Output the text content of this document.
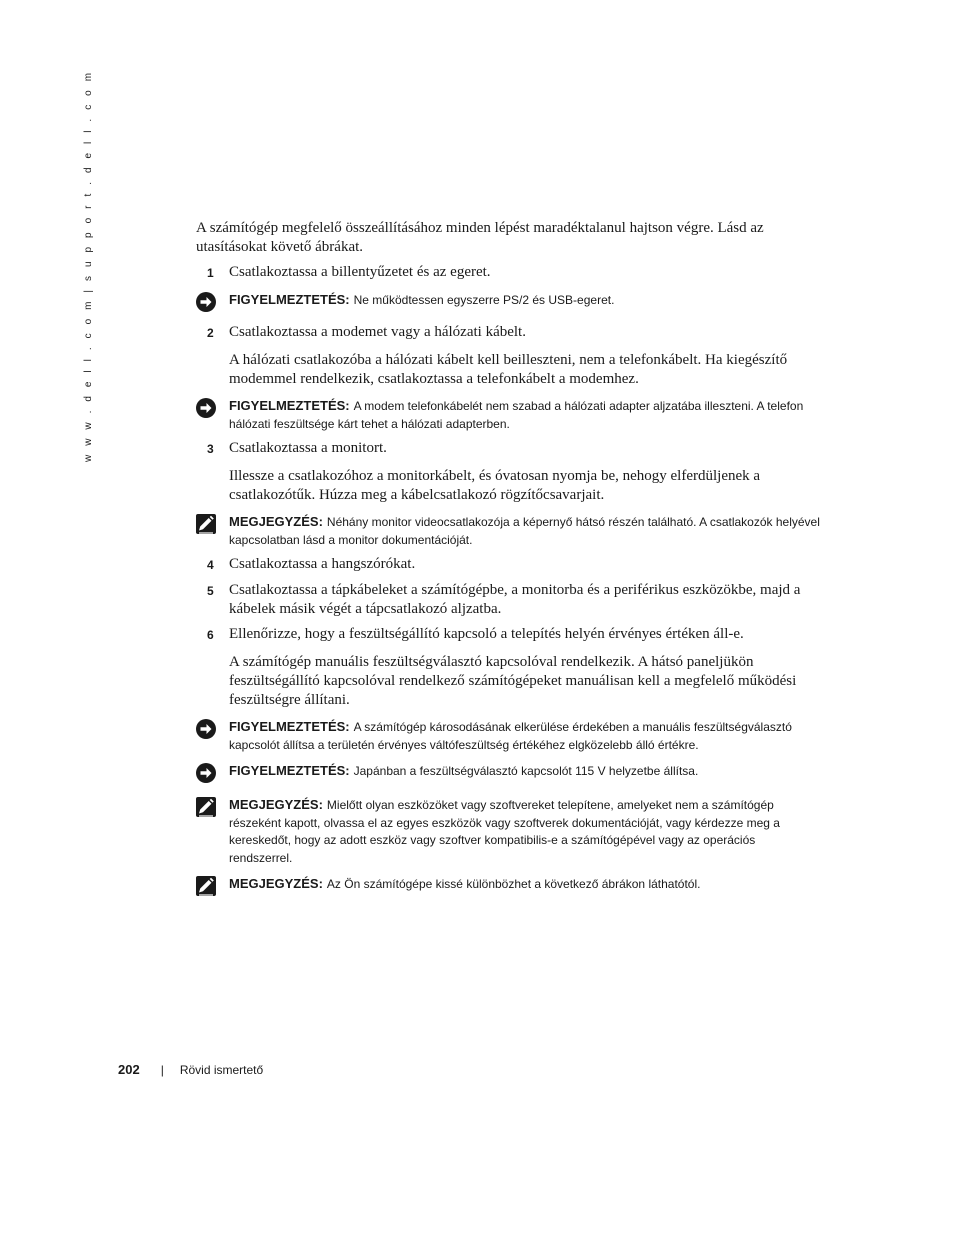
w w w . d e l l . c o m | s u p p o r t . d e l l . c o m	A számítógép megfelelő összeállításához minden lépést maradéktalanul hajtson végre. Lásd az utasításokat követő ábrákat.

1	Csatlakoztassa a billentyűzetet és az egeret.

FIGYELMEZTETÉS: Ne működtessen egyszerre PS/2 és USB-egeret.
2	Csatlakoztassa a modemet vagy a hálózati kábelt.

A hálózati csatlakozóba a hálózati kábelt kell beilleszteni, nem a telefonkábelt. Ha kiegészítő modemmel rendelkezik, csatlakoztassa a telefonkábelt a modemhez.

FIGYELMEZTETÉS: A modem telefonkábelét nem szabad a hálózati adapter aljzatába illeszteni. A telefon hálózati feszültsége kárt tehet a hálózati adapterben.
3	Csatlakoztassa a monitort.

Illessze a csatlakozóhoz a monitorkábelt, és óvatosan nyomja be, nehogy elferdüljenek a csatlakozótűk. Húzza meg a kábelcsatlakozó rögzítőcsavarjait.

MEGJEGYZÉS: Néhány monitor videocsatlakozója a képernyő hátsó részén található. A csatlakozók helyével kapcsolatban lásd a monitor dokumentációját.
4	Csatlakoztassa a hangszórókat.

5	Csatlakoztassa a tápkábeleket a számítógépbe, a monitorba és a periférikus eszközökbe, majd a kábelek másik végét a tápcsatlakozó aljzatba.

6	Ellenőrizze, hogy a feszültségállító kapcsoló a telepítés helyén érvényes értéken áll-e.

A számítógép manuális feszültségválasztó kapcsolóval rendelkezik. A hátsó paneljükön feszültségállító kapcsolóval rendelkező számítógépeket manuálisan kell a megfelelő működési feszültségre állítani.

FIGYELMEZTETÉS: A számítógép károsodásának elkerülése érdekében a manuális feszültségválasztó kapcsolót állítsa a területén érvényes váltófeszültség értékéhez elgközelebb álló értékre.
FIGYELMEZTETÉS: Japánban a feszültségválasztó kapcsolót 115 V helyzetbe állítsa.
MEGJEGYZÉS: Mielőtt olyan eszközöket vagy szoftvereket telepítene, amelyeket nem a számítógép részeként kapott, olvassa el az egyes eszközök vagy szoftverek dokumentációját, vagy kérdezze meg a kereskedőt, hogy az adott eszköz vagy szoftver kompatibilis-e a számítógépével vagy az operációs rendszerrel.
MEGJEGYZÉS: Az Ön számítógépe kissé különbözhet a következő ábrákon láthatótól.
202 | Rövid ismertető
